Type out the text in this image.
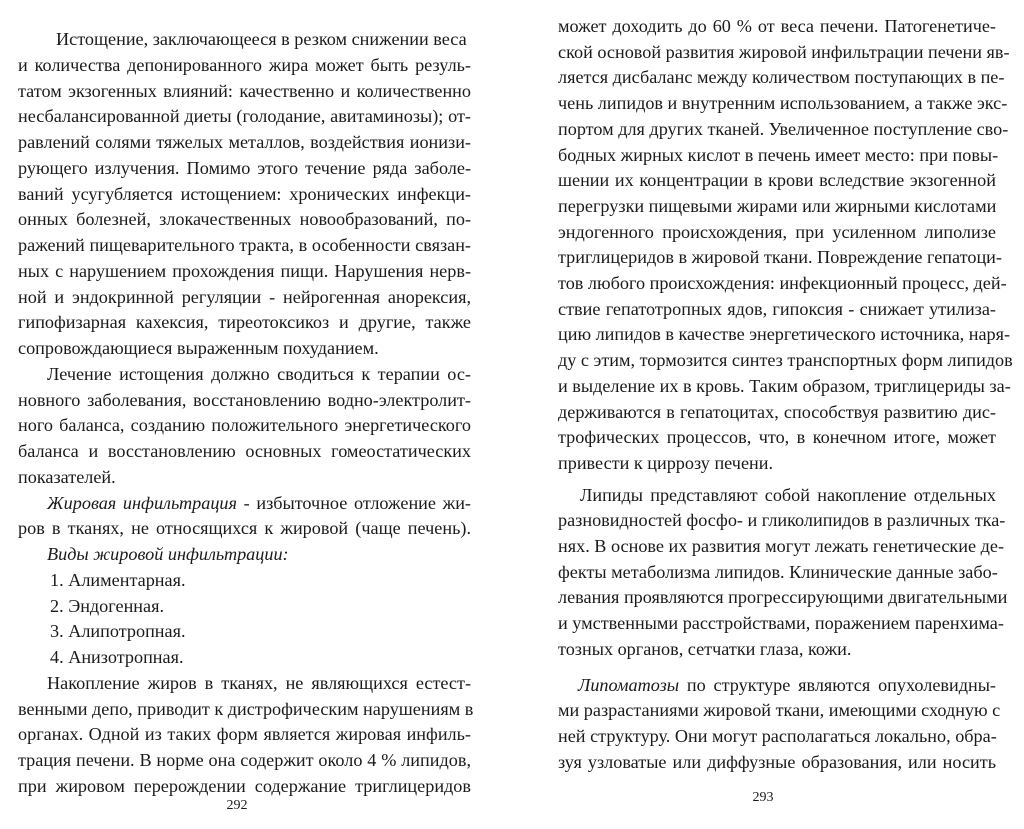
Истощение, заключающееся в резком снижении веса

и количества депонированного жира может быть резуль-

татом экзогенных влияний: качественно и количественно

несбалансированной диеты (голодание, авитаминозы); от-

равлений солями тяжелых металлов, воздействия ионизи-

рующего излучения. Помимо этого течение ряда заболе-

ваний усугубляется истощением: хронических инфекци-

онных болезней, злокачественных новообразований, по-

ражений пищеварительного тракта, в особенности связан-

ных с нарушением прохождения пищи. Нарушения нерв-

ной и эндокринной регуляции - нейрогенная анорексия,

гипофизарная кахексия, тиреотоксикоз и другие, также

сопровождающиеся выраженным похуданием.

Лечение истощения должно сводиться к терапии ос-

новного заболевания, восстановлению водно-электролит-

ного баланса, созданию положительного энергетического

баланса и восстановлению основных гомеостатических

показателей.

Жировая инфильтрация - избыточное отложение жи-

ров в тканях, не относящихся к жировой (чаще печень).

Виды жировой инфильтрации:

1. Алиментарная.

2. Эндогенная.

3. Алипотропная.

4. Анизотропная.

Накопление жиров в тканях, не являющихся естест-

венными депо, приводит к дистрофическим нарушениям в

органах. Одной из таких форм является жировая инфиль-

трация печени. В норме она содержит около 4 % липидов,

при жировом перерождении содержание триглицеридов

292

может доходить до 60 % от веса печени. Патогенетиче-

ской основой развития жировой инфильтрации печени яв-

ляется дисбаланс между количеством поступающих в пе-

чень липидов и внутренним использованием, а также экс-

портом для других тканей. Увеличенное поступление сво-

бодных жирных кислот в печень имеет место: при повы-

шении их концентрации в крови вследствие экзогенной

перегрузки пищевыми жирами или жирными кислотами

эндогенного происхождения, при усиленном липолизе

триглицеридов в жировой ткани. Повреждение гепатоци-

тов любого происхождения: инфекционный процесс, дей-

ствие гепатотропных ядов, гипоксия - снижает утилиза-

цию липидов в качестве энергетического источника, наря-

ду с этим, тормозится синтез транспортных форм липидов

и выделение их в кровь. Таким образом, триглицериды за-

держиваются в гепатоцитах, способствуя развитию дис-

трофических процессов, что, в конечном итоге, может

привести к циррозу печени.

Липиды представляют собой накопление отдельных

разновидностей фосфо- и гликолипидов в различных тка-

нях. В основе их развития могут лежать генетические де-

фекты метаболизма липидов. Клинические данные забо-

левания проявляются прогрессирующими двигательными

и умственными расстройствами, поражением паренхима-

тозных органов, сетчатки глаза, кожи.

Липоматозы по структуре являются опухолевидны-

ми разрастаниями жировой ткани, имеющими сходную с

ней структуру. Они могут располагаться локально, обра-

зуя узловатые или диффузные образования, или носить

293
